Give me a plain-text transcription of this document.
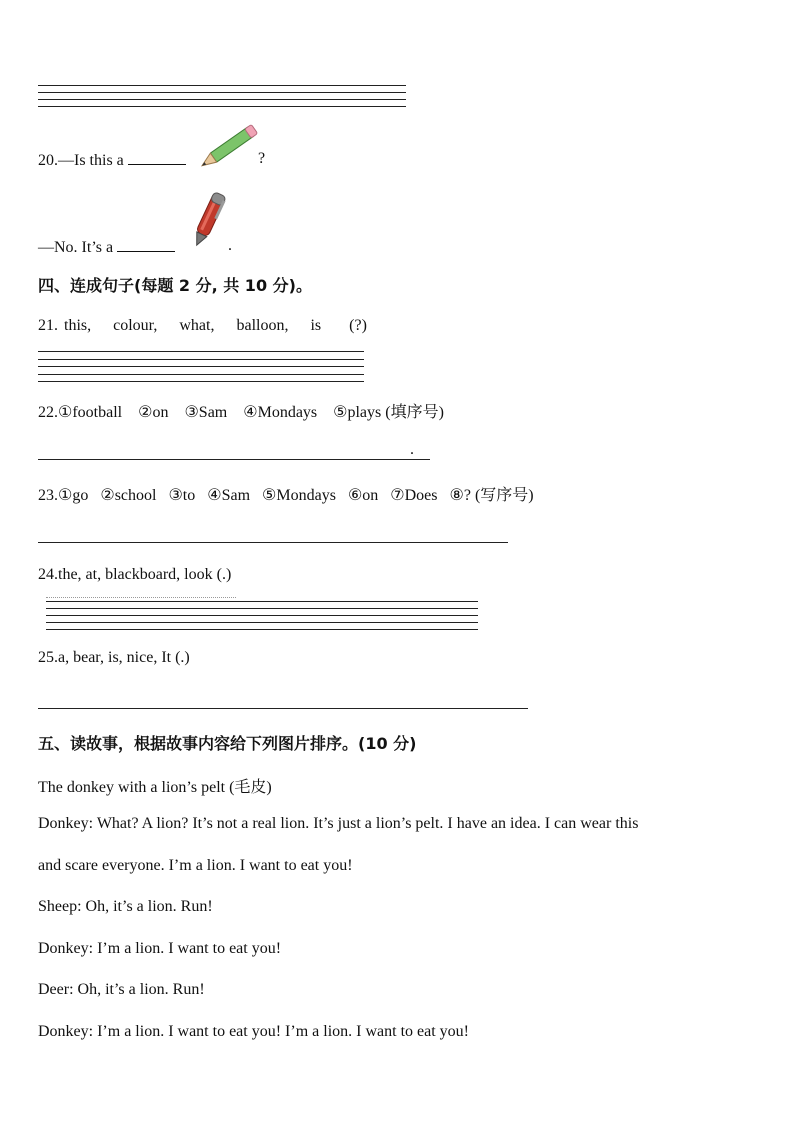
20.—Is this a	?
—No. It’s a	.
四、连成句子(每题 2 分, 共 10 分)。
21. this, colour, what, balloon, is (?)
22.①football    ②on    ③Sam    ④Mondays    ⑤plays (填序号)
.
23.①go   ②school   ③to   ④Sam   ⑤Mondays   ⑥on   ⑦Does   ⑧? (写序号)
24.the, at, blackboard, look (.)
25.a, bear, is, nice, It (.)
五、读故事，根据故事内容给下列图片排序。(10 分)
The donkey with a lion’s pelt (毛皮)
Donkey: What? A lion? It’s not a real lion. It’s just a lion’s pelt. I have an idea. I can wear this
and scare everyone. I’m a lion. I want to eat you!
Sheep: Oh, it’s a lion. Run!
Donkey: I’m a lion. I want to eat you!
Deer: Oh, it’s a lion. Run!
Donkey: I’m a lion. I want to eat you! I’m a lion. I want to eat you!
